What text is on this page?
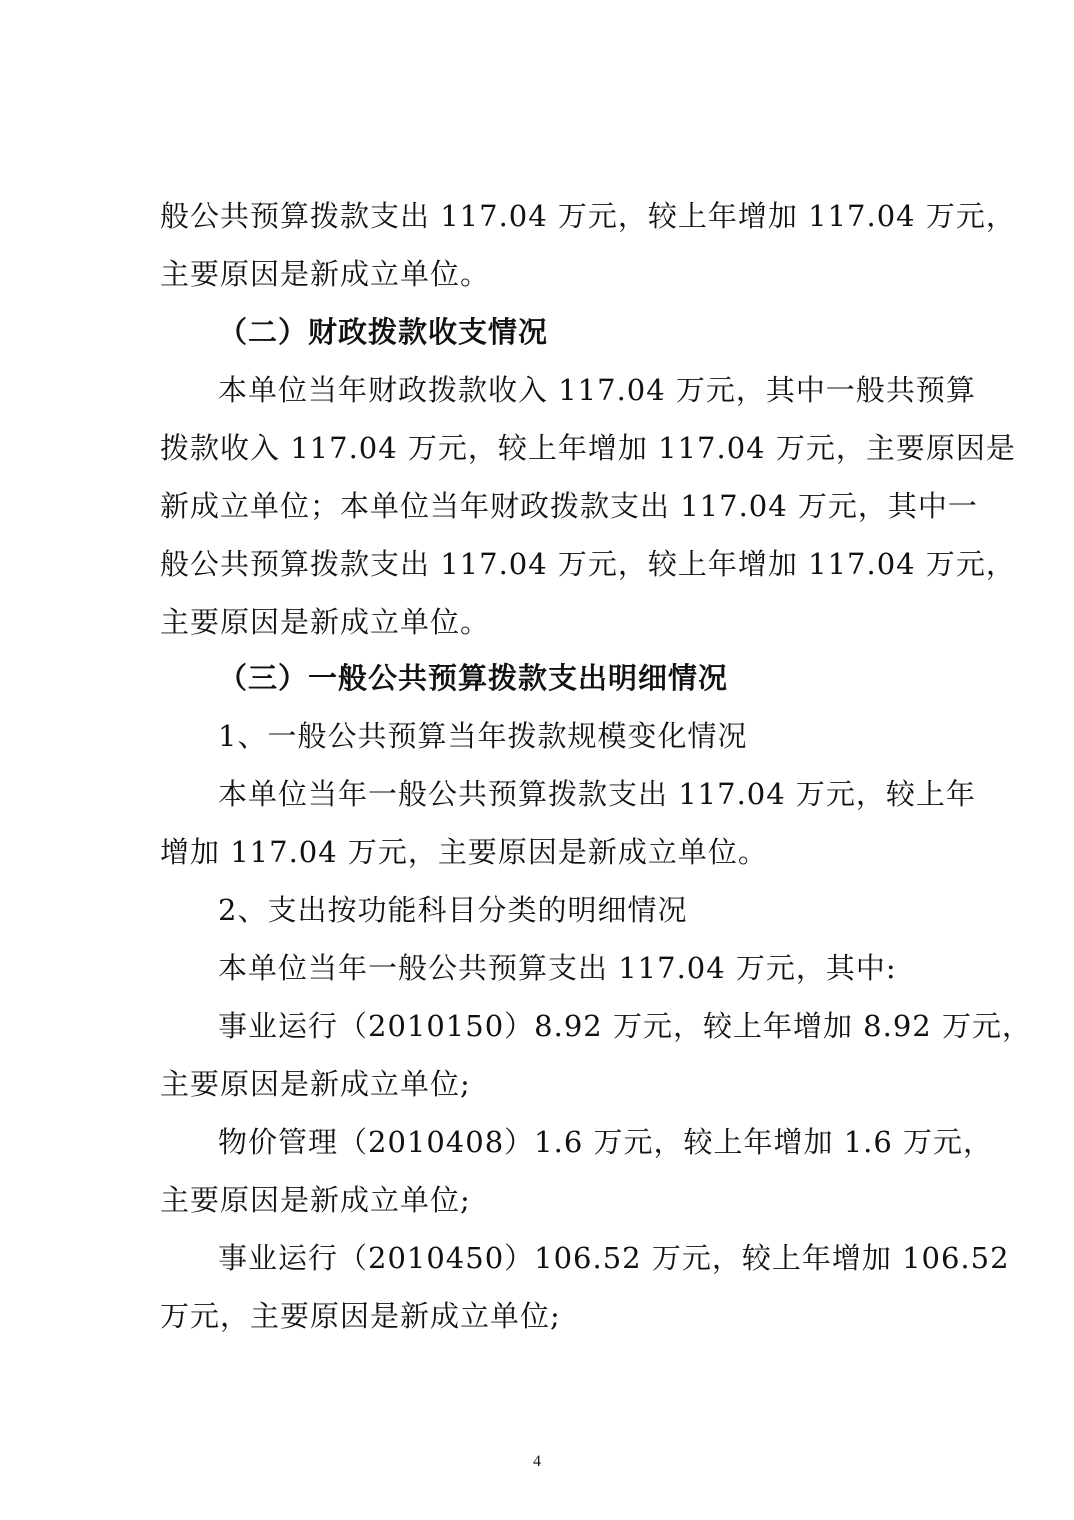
般公共预算拨款支出 117.04 万元，较上年增加 117.04 万元，
主要原因是新成立单位。
（二）财政拨款收支情况
本单位当年财政拨款收入 117.04 万元，其中一般共预算
拨款收入 117.04 万元，较上年增加 117.04 万元，主要原因是
新成立单位；本单位当年财政拨款支出 117.04 万元，其中一
般公共预算拨款支出 117.04 万元，较上年增加 117.04 万元，
主要原因是新成立单位。
（三）一般公共预算拨款支出明细情况
1、一般公共预算当年拨款规模变化情况
本单位当年一般公共预算拨款支出 117.04 万元，较上年
增加 117.04 万元，主要原因是新成立单位。
2、支出按功能科目分类的明细情况
本单位当年一般公共预算支出 117.04 万元，其中:
事业运行（2010150）8.92 万元，较上年增加 8.92 万元，
主要原因是新成立单位;
物价管理（2010408）1.6 万元，较上年增加 1.6 万元，
主要原因是新成立单位;
事业运行（2010450）106.52 万元，较上年增加 106.52
万元，主要原因是新成立单位;
4
